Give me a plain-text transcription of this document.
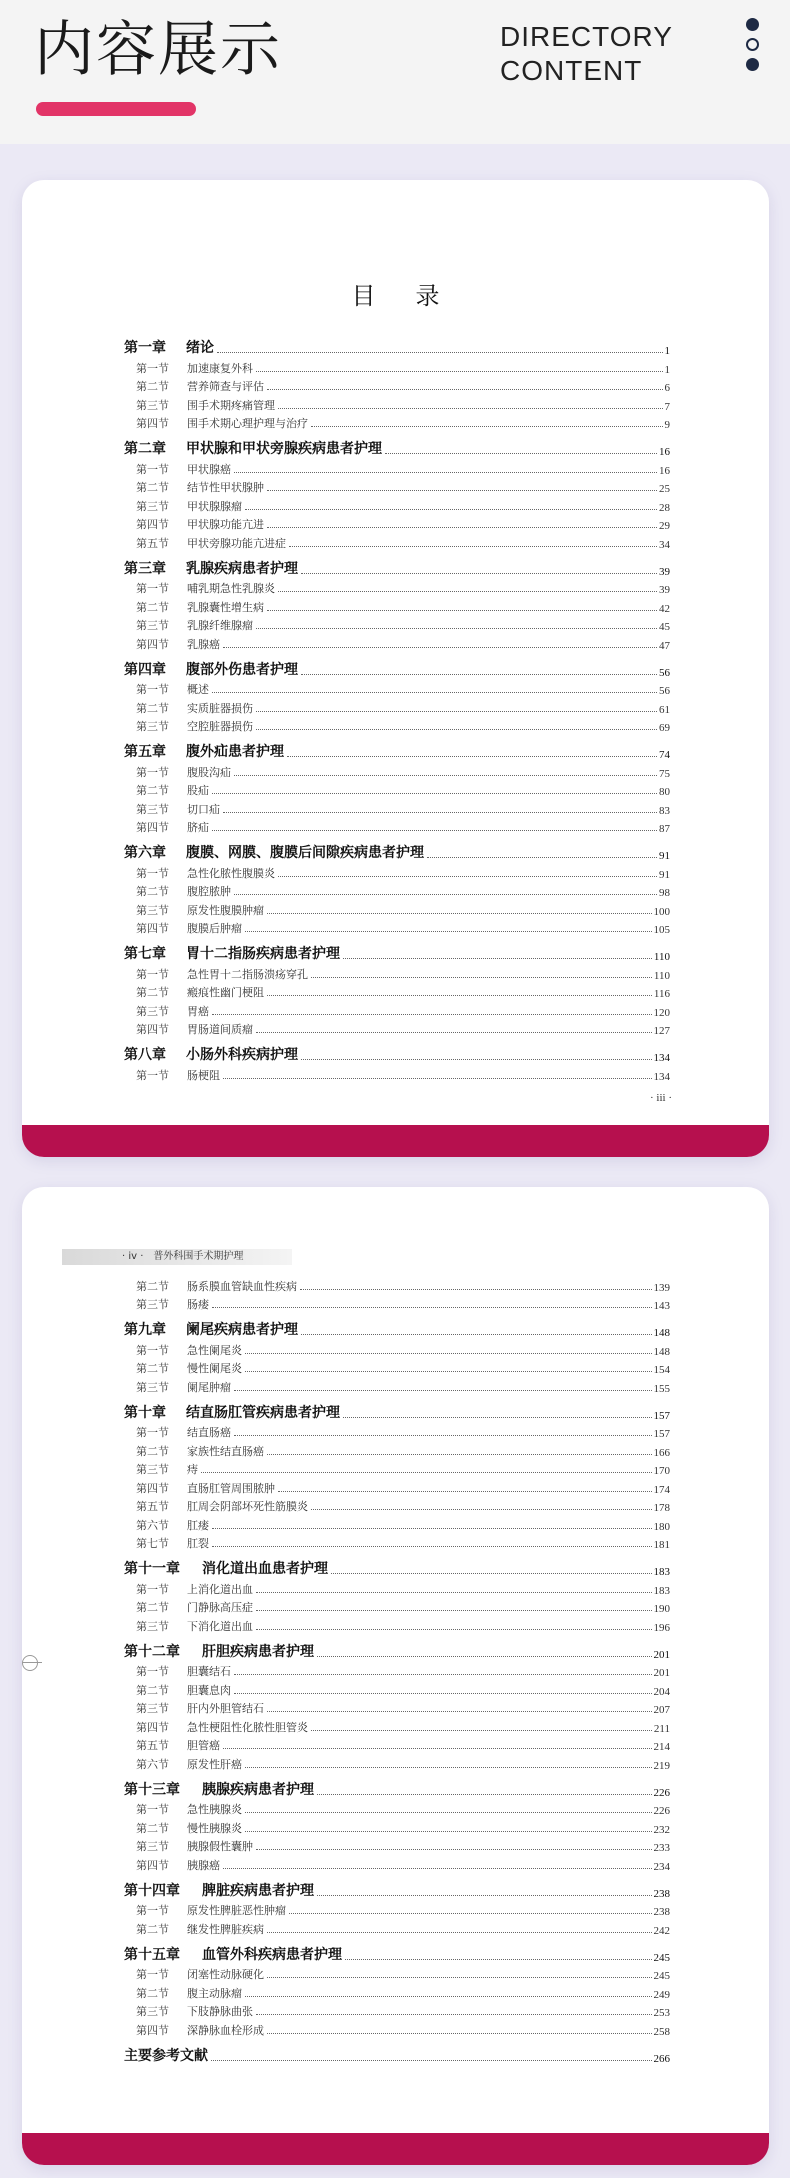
内容展示	DIRECTORY
CONTENT
目录
第一章	绪论	1
第一节	加速康复外科	1
第二节	营养筛查与评估	6
第三节	围手术期疼痛管理	7
第四节	围手术期心理护理与治疗	9
第二章	甲状腺和甲状旁腺疾病患者护理	16
第一节	甲状腺癌	16
第二节	结节性甲状腺肿	25
第三节	甲状腺腺瘤	28
第四节	甲状腺功能亢进	29
第五节	甲状旁腺功能亢进症	34
第三章	乳腺疾病患者护理	39
第一节	哺乳期急性乳腺炎	39
第二节	乳腺囊性增生病	42
第三节	乳腺纤维腺瘤	45
第四节	乳腺癌	47
第四章	腹部外伤患者护理	56
第一节	概述	56
第二节	实质脏器损伤	61
第三节	空腔脏器损伤	69
第五章	腹外疝患者护理	74
第一节	腹股沟疝	75
第二节	股疝	80
第三节	切口疝	83
第四节	脐疝	87
第六章	腹膜、网膜、腹膜后间隙疾病患者护理	91
第一节	急性化脓性腹膜炎	91
第二节	腹腔脓肿	98
第三节	原发性腹膜肿瘤	100
第四节	腹膜后肿瘤	105
第七章	胃十二指肠疾病患者护理	110
第一节	急性胃十二指肠溃疡穿孔	110
第二节	瘢痕性幽门梗阻	116
第三节	胃癌	120
第四节	胃肠道间质瘤	127
第八章	小肠外科疾病护理	134
第一节	肠梗阻	134
· iii ·
· iv ·　普外科围手术期护理
第二节	肠系膜血管缺血性疾病	139
第三节	肠瘘	143
第九章	阑尾疾病患者护理	148
第一节	急性阑尾炎	148
第二节	慢性阑尾炎	154
第三节	阑尾肿瘤	155
第十章	结直肠肛管疾病患者护理	157
第一节	结直肠癌	157
第二节	家族性结直肠癌	166
第三节	痔	170
第四节	直肠肛管周围脓肿	174
第五节	肛周会阴部坏死性筋膜炎	178
第六节	肛瘘	180
第七节	肛裂	181
第十一章	消化道出血患者护理	183
第一节	上消化道出血	183
第二节	门静脉高压症	190
第三节	下消化道出血	196
第十二章	肝胆疾病患者护理	201
第一节	胆囊结石	201
第二节	胆囊息肉	204
第三节	肝内外胆管结石	207
第四节	急性梗阻性化脓性胆管炎	211
第五节	胆管癌	214
第六节	原发性肝癌	219
第十三章	胰腺疾病患者护理	226
第一节	急性胰腺炎	226
第二节	慢性胰腺炎	232
第三节	胰腺假性囊肿	233
第四节	胰腺癌	234
第十四章	脾脏疾病患者护理	238
第一节	原发性脾脏恶性肿瘤	238
第二节	继发性脾脏疾病	242
第十五章	血管外科疾病患者护理	245
第一节	闭塞性动脉硬化	245
第二节	腹主动脉瘤	249
第三节	下肢静脉曲张	253
第四节	深静脉血栓形成	258
主要参考文献	266
